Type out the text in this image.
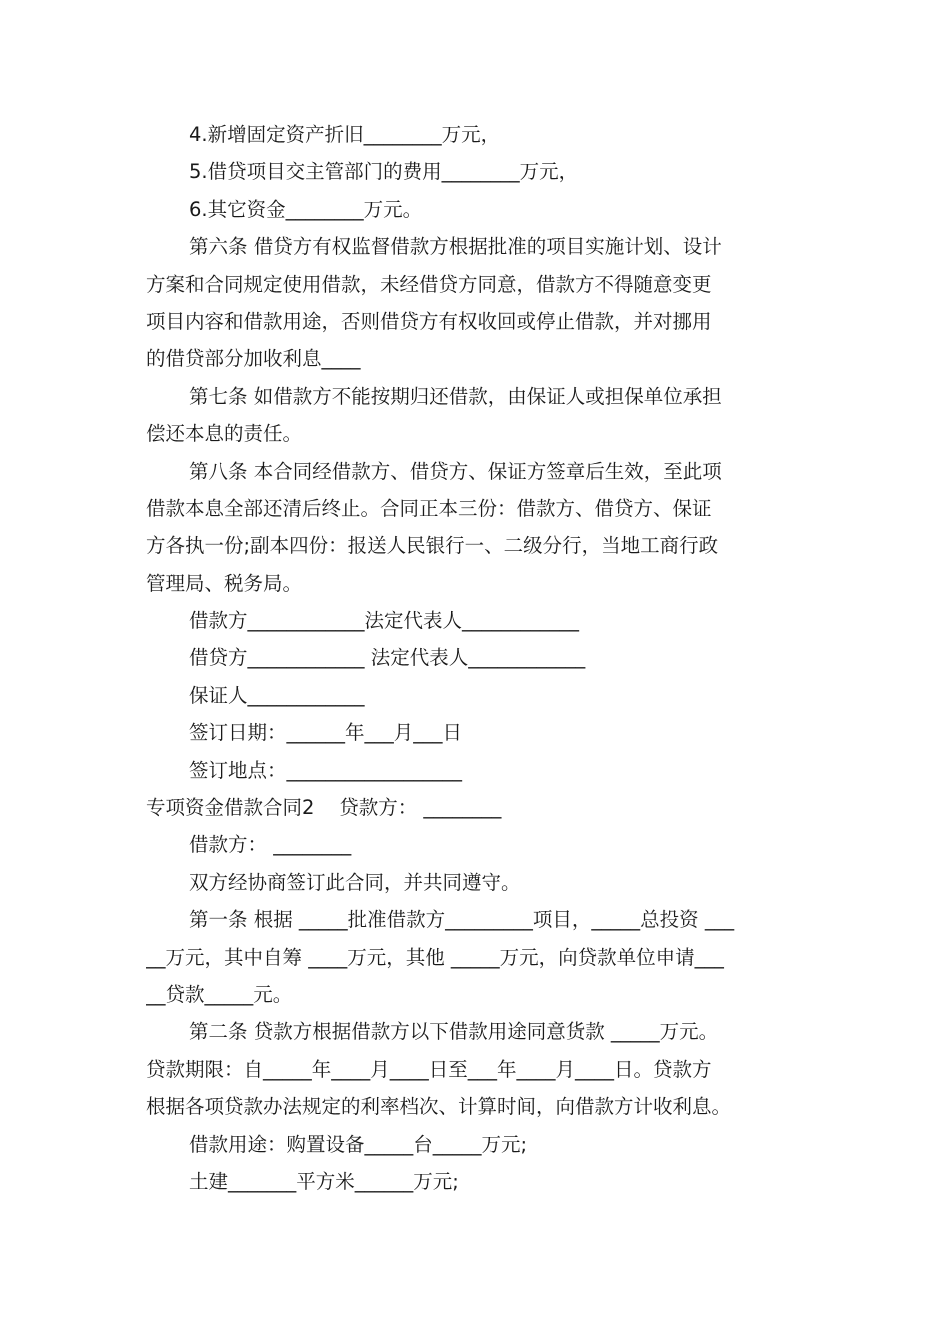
4.新增固定资产折旧________万元，
5.借贷项目交主管部门的费用________万元，
6.其它资金________万元。
第六条 借贷方有权监督借款方根据批准的项目实施计划、设计
方案和合同规定使用借款，未经借贷方同意，借款方不得随意变更
项目内容和借款用途，否则借贷方有权收回或停止借款，并对挪用
的借贷部分加收利息____
第七条 如借款方不能按期归还借款，由保证人或担保单位承担
偿还本息的责任。
第八条 本合同经借款方、借贷方、保证方签章后生效，至此项
借款本息全部还清后终止。合同正本三份：借款方、借贷方、保证
方各执一份;副本四份：报送人民银行一、二级分行，当地工商行政
管理局、税务局。
借款方____________法定代表人____________
借贷方____________ 法定代表人____________
保证人____________
签订日期：______年___月___日
签订地点：__________________
专项资金借款合同2    贷款方： ________
借款方： ________
双方经协商签订此合同，并共同遵守。
第一条 根据 _____批准借款方_________项目，_____总投资 ___
__万元，其中自筹 ____万元，其他 _____万元，向贷款单位申请___
__贷款_____元。
第二条 贷款方根据借款方以下借款用途同意货款 _____万元。
贷款期限：自_____年____月____日至___年____月____日。贷款方
根据各项贷款办法规定的利率档次、计算时间，向借款方计收利息。
借款用途：购置设备_____台_____万元;
土建_______平方米______万元;
